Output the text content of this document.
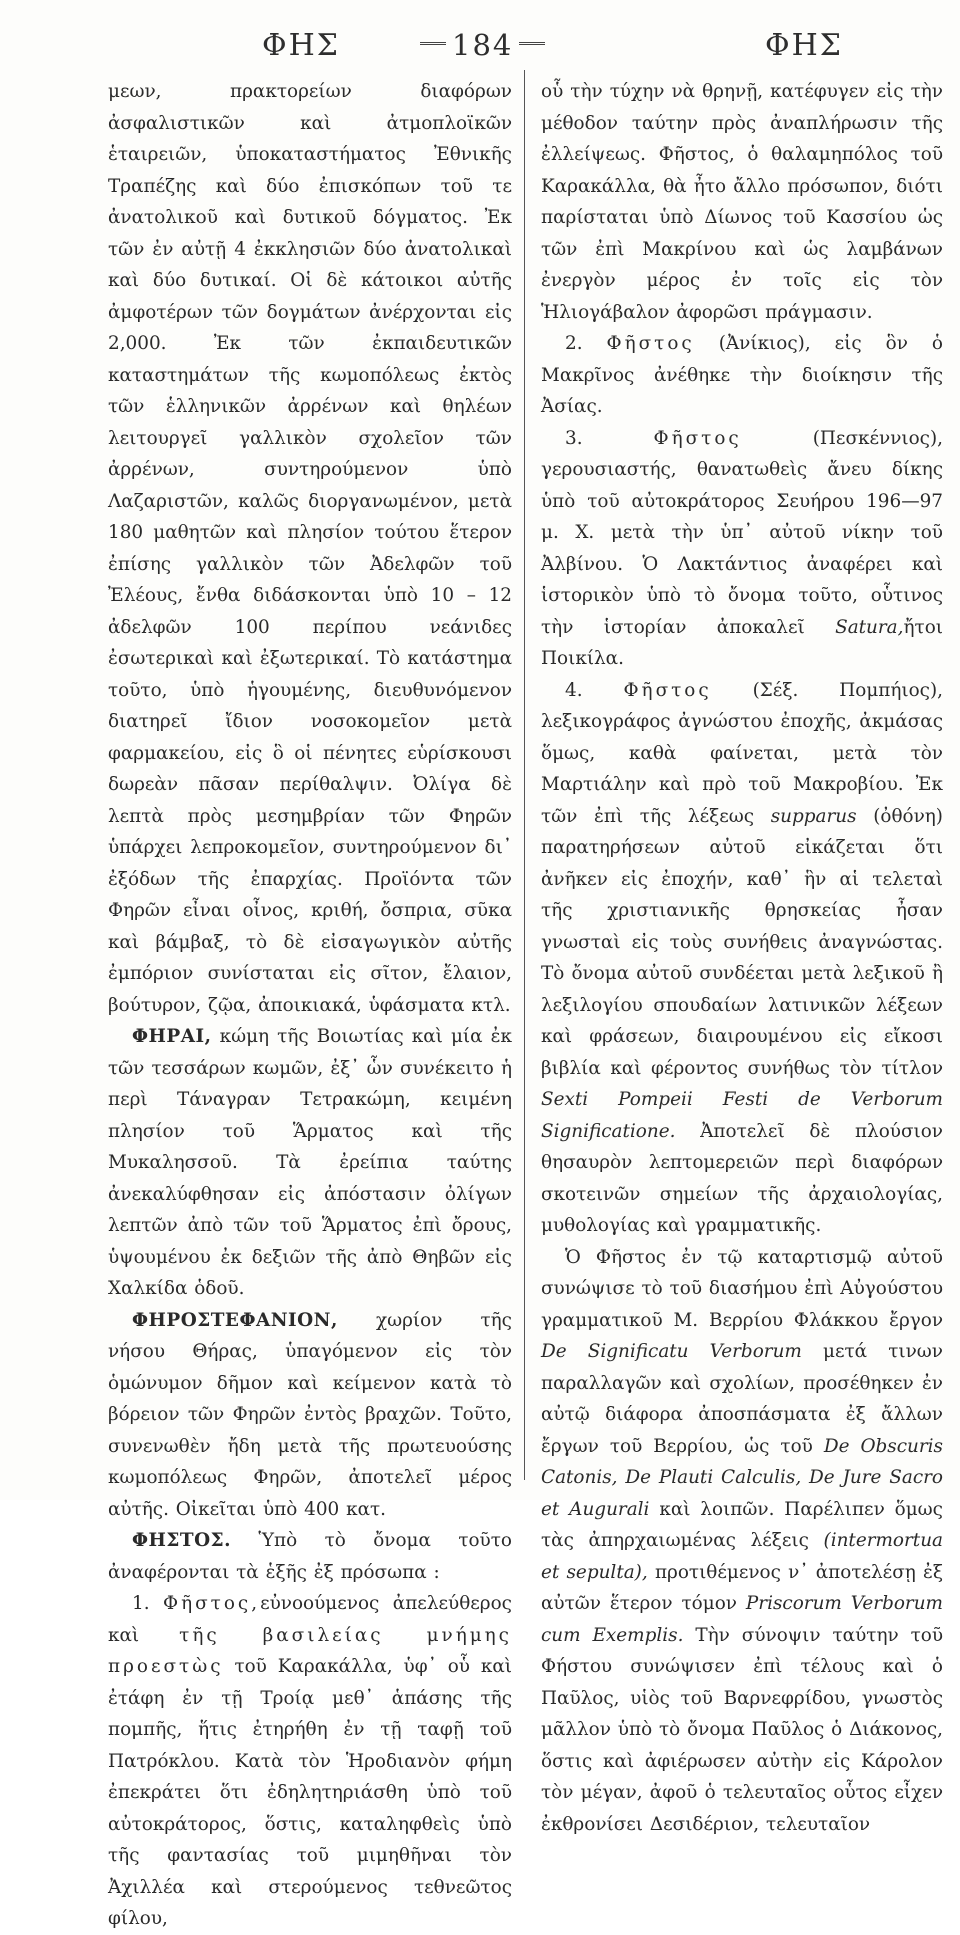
ΦΗΣ	184	ΦΗΣ

μεων, πρακτορείων διαφόρων ἀσφαλιστικῶν καὶ ἀτμοπλοϊκῶν ἑταιρειῶν, ὑποκαταστήματος Ἐθνικῆς Τραπέζης καὶ δύο ἐπισκόπων τοῦ τε ἀνατολικοῦ καὶ δυτικοῦ δόγματος. Ἐκ τῶν ἐν αὐτῇ 4 ἐκκλησιῶν δύο ἀνατολικαὶ καὶ δύο δυτικαί. Οἱ δὲ κάτοικοι αὐτῆς ἀμφοτέρων τῶν δογμάτων ἀνέρχονται εἰς 2,000. Ἐκ τῶν ἐκπαιδευτικῶν καταστημάτων τῆς κωμοπόλεως ἐκτὸς τῶν ἑλληνικῶν ἀρρένων καὶ θηλέων λειτουργεῖ γαλλικὸν σχολεῖον τῶν ἀρρένων, συντηρούμενον ὑπὸ Λαζαριστῶν, καλῶς διοργανωμένον, μετὰ 180 μαθητῶν καὶ πλησίον τούτου ἕτερον ἐπίσης γαλλικὸν τῶν Ἀδελφῶν τοῦ Ἐλέους, ἔνθα διδάσκονται ὑπὸ 10 – 12 ἀδελφῶν 100 περίπου νεάνιδες ἐσωτερικαὶ καὶ ἐξωτερικαί. Τὸ κατάστημα τοῦτο, ὑπὸ ἡγουμένης, διευθυνόμενον διατηρεῖ ἴδιον νοσοκομεῖον μετὰ φαρμακείου, εἰς ὃ οἱ πένητες εὑρίσκουσι δωρεὰν πᾶσαν περίθαλψιν. Ὀλίγα δὲ λεπτὰ πρὸς μεσημβρίαν τῶν Φηρῶν ὑπάρχει λεπροκομεῖον, συντηρούμενον δι᾽ ἐξόδων τῆς ἐπαρχίας. Προϊόντα τῶν Φηρῶν εἶναι οἶνος, κριθή, ὄσπρια, σῦκα καὶ βάμβαξ, τὸ δὲ εἰσαγωγικὸν αὐτῆς ἐμπόριον συνίσταται εἰς σῖτον, ἔλαιον, βούτυρον, ζῷα, ἀποικιακά, ὑφάσματα κτλ.

ΦΗΡΑΙ, κώμη τῆς Βοιωτίας καὶ μία ἐκ τῶν τεσσάρων κωμῶν, ἐξ᾽ ὧν συνέκειτο ἡ περὶ Τάναγραν Τετρακώμη, κειμένη πλησίον τοῦ Ἅρματος καὶ τῆς Μυκαλησσοῦ. Τὰ ἐρείπια ταύτης ἀνεκαλύφθησαν εἰς ἀπόστασιν ὀλίγων λεπτῶν ἀπὸ τῶν τοῦ Ἅρματος ἐπὶ ὄρους, ὑψουμένου ἐκ δεξιῶν τῆς ἀπὸ Θηβῶν εἰς Χαλκίδα ὁδοῦ.

ΦΗΡΟΣΤΕΦΑΝΙΟΝ, χωρίον τῆς νήσου Θήρας, ὑπαγόμενον εἰς τὸν ὁμώνυμον δῆμον καὶ κείμενον κατὰ τὸ βόρειον τῶν Φηρῶν ἐντὸς βραχῶν. Τοῦτο, συνενωθὲν ἤδη μετὰ τῆς πρωτευούσης κωμοπόλεως Φηρῶν, ἀποτελεῖ μέρος αὐτῆς. Οἰκεῖται ὑπὸ 400 κατ.

ΦΗΣΤΟΣ. Ὑπὸ τὸ ὄνομα τοῦτο ἀναφέρονται τὰ ἑξῆς ἐξ πρόσωπα :

1. Φῆστος,εὐνοούμενος ἀπελεύθερος καὶ τῆς βασιλείας μνήμης προεστὼς τοῦ Καρακάλλα, ὑφ᾽ οὗ καὶ ἐτάφη ἐν τῇ Τροίᾳ μεθ᾽ ἁπάσης τῆς πομπῆς, ἥτις ἐτηρήθη ἐν τῇ ταφῇ τοῦ Πατρόκλου. Κατὰ τὸν Ἡροδιανὸν φήμη ἐπεκράτει ὅτι ἐδηλητηριάσθη ὑπὸ τοῦ αὐτοκράτορος, ὅστις, καταληφθεὶς ὑπὸ τῆς φαντασίας τοῦ μιμηθῆναι τὸν Ἀχιλλέα καὶ στερούμενος τεθνεῶτος φίλου,

οὗ τὴν τύχην νὰ θρηνῇ, κατέφυγεν εἰς τὴν μέθοδον ταύτην πρὸς ἀναπλήρωσιν τῆς ἐλλείψεως. Φῆστος, ὁ θαλαμηπόλος τοῦ Καρακάλλα, θὰ ἦτο ἄλλο πρόσωπον, διότι παρίσταται ὑπὸ Δίωνος τοῦ Κασσίου ὡς τῶν ἐπὶ Μακρίνου καὶ ὡς λαμβάνων ἐνεργὸν μέρος ἐν τοῖς εἰς τὸν Ἡλιογάβαλον ἀφορῶσι πράγμασιν.

2. Φῆστος (Ἀνίκιος), εἰς ὃν ὁ Μακρῖνος ἀνέθηκε τὴν διοίκησιν τῆς Ἀσίας.

3.	Φῆστος	(Πεσκέννιος), γερουσιαστής, θανατωθεὶς ἄνευ δίκης ὑπὸ τοῦ αὐτοκράτορος Σευήρου 196—97 μ. Χ. μετὰ τὴν ὑπ᾽ αὐτοῦ νίκην τοῦ Ἀλβίνου. Ὁ Λακτάντιος ἀναφέρει καὶ ἱστορικὸν ὑπὸ τὸ ὄνομα τοῦτο, οὗτινος τὴν ἱστορίαν ἀποκαλεῖ Satura,ἤτοι Ποικίλα.

4. Φῆστος (Σέξ. Πομπήιος), λεξικογράφος ἀγνώστου ἐποχῆς, ἀκμάσας ὅμως, καθὰ φαίνεται, μετὰ τὸν Μαρτιάλην καὶ πρὸ τοῦ Μακροβίου. Ἐκ τῶν ἐπὶ τῆς λέξεως supparus (ὀθόνη) παρατηρήσεων αὐτοῦ εἰκάζεται ὅτι ἀνῆκεν εἰς ἐποχήν, καθ᾽ ἣν αἱ τελεταὶ τῆς χριστιανικῆς θρησκείας ἦσαν γνωσταὶ εἰς τοὺς συνήθεις ἀναγνώστας. Τὸ ὄνομα αὐτοῦ συνδέεται μετὰ λεξικοῦ ἢ λεξιλογίου σπουδαίων λατινικῶν λέξεων καὶ φράσεων, διαιρουμένου εἰς εἴκοσι βιβλία καὶ φέροντος συνήθως τὸν τίτλον Sexti Pompeii Festi de Verborum Significatione. Ἀποτελεῖ δὲ πλούσιον θησαυρὸν λεπτομερειῶν περὶ διαφόρων σκοτεινῶν σημείων τῆς ἀρχαιολογίας, μυθολογίας καὶ γραμματικῆς.

Ὁ Φῆστος ἐν τῷ καταρτισμῷ αὐτοῦ συνώψισε τὸ τοῦ διασήμου ἐπὶ Αὐγούστου γραμματικοῦ Μ. Βερρίου Φλάκκου ἔργον De Significatu Verborum μετά τινων παραλλαγῶν καὶ σχολίων, προσέθηκεν ἐν αὐτῷ διάφορα ἀποσπάσματα ἐξ ἄλλων ἔργων τοῦ Βερρίου, ὡς τοῦ De Obscuris Catonis, De Plauti Calculis, De Jure Sacro et Augurali καὶ λοιπῶν. Παρέλιπεν ὅμως τὰς ἀπηρχαιωμένας λέξεις (intermortua et sepulta), προτιθέμενος ν᾽ ἀποτελέσῃ ἐξ αὐτῶν ἕτερον τόμον Priscorum Verborum cum Exemplis. Τὴν σύνοψιν ταύτην τοῦ Φήστου συνώψισεν ἐπὶ τέλους καὶ ὁ Παῦλος, υἱὸς τοῦ Βαρνεφρίδου, γνωστὸς μᾶλλον ὑπὸ τὸ ὄνομα Παῦλος ὁ Διάκονος, ὅστις καὶ ἀφιέρωσεν αὐτὴν εἰς Κάρολον τὸν μέγαν, ἀφοῦ ὁ τελευταῖος οὗτος εἶχεν ἐκθρονίσει Δεσιδέριον, τελευταῖον
